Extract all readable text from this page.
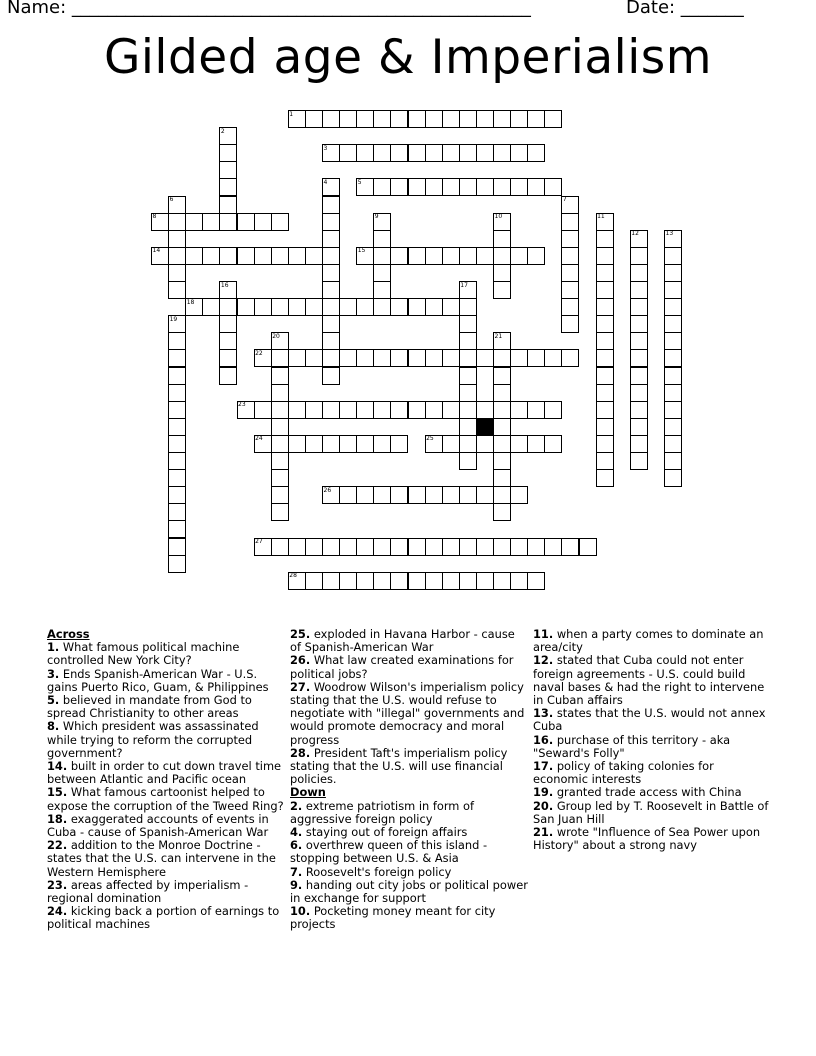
Name: ___________________________________________________	Date: _______
Gilded age & Imperialism
1
2
3
4	5
6	7
8	9	10	11
12	13
14	15
16	17
18
19
20	21
22
23
24	25
26
27
28
Across
1. What famous political machine controlled New York City?
3. Ends Spanish-American War - U.S. gains Puerto Rico, Guam, & Philippines
5. believed in mandate from God to spread Christianity to other areas
8. Which president was assassinated while trying to reform the corrupted government?
14. built in order to cut down travel time between Atlantic and Pacific ocean
15. What famous cartoonist helped to expose the corruption of the Tweed Ring?
18. exaggerated accounts of events in Cuba - cause of Spanish-American War
22. addition to the Monroe Doctrine - states that the U.S. can intervene in the Western Hemisphere
23. areas affected by imperialism - regional domination
24. kicking back a portion of earnings to political machines
25. exploded in Havana Harbor - cause of Spanish-American War
26. What law created examinations for political jobs?
27. Woodrow Wilson's imperialism policy stating that the U.S. would refuse to negotiate with "illegal" governments and would promote democracy and moral progress
28. President Taft's imperialism policy stating that the U.S. will use financial policies.
Down
2. extreme patriotism in form of aggressive foreign policy
4. staying out of foreign affairs
6. overthrew queen of this island - stopping between U.S. & Asia
7. Roosevelt's foreign policy
9. handing out city jobs or political power in exchange for support
10. Pocketing money meant for city projects
11. when a party comes to dominate an area/city
12. stated that Cuba could not enter foreign agreements - U.S. could build naval bases & had the right to intervene in Cuban affairs
13. states that the U.S. would not annex Cuba
16. purchase of this territory - aka "Seward's Folly"
17. policy of taking colonies for economic interests
19. granted trade access with China
20. Group led by T. Roosevelt in Battle of San Juan Hill
21. wrote "Influence of Sea Power upon History" about a strong navy
